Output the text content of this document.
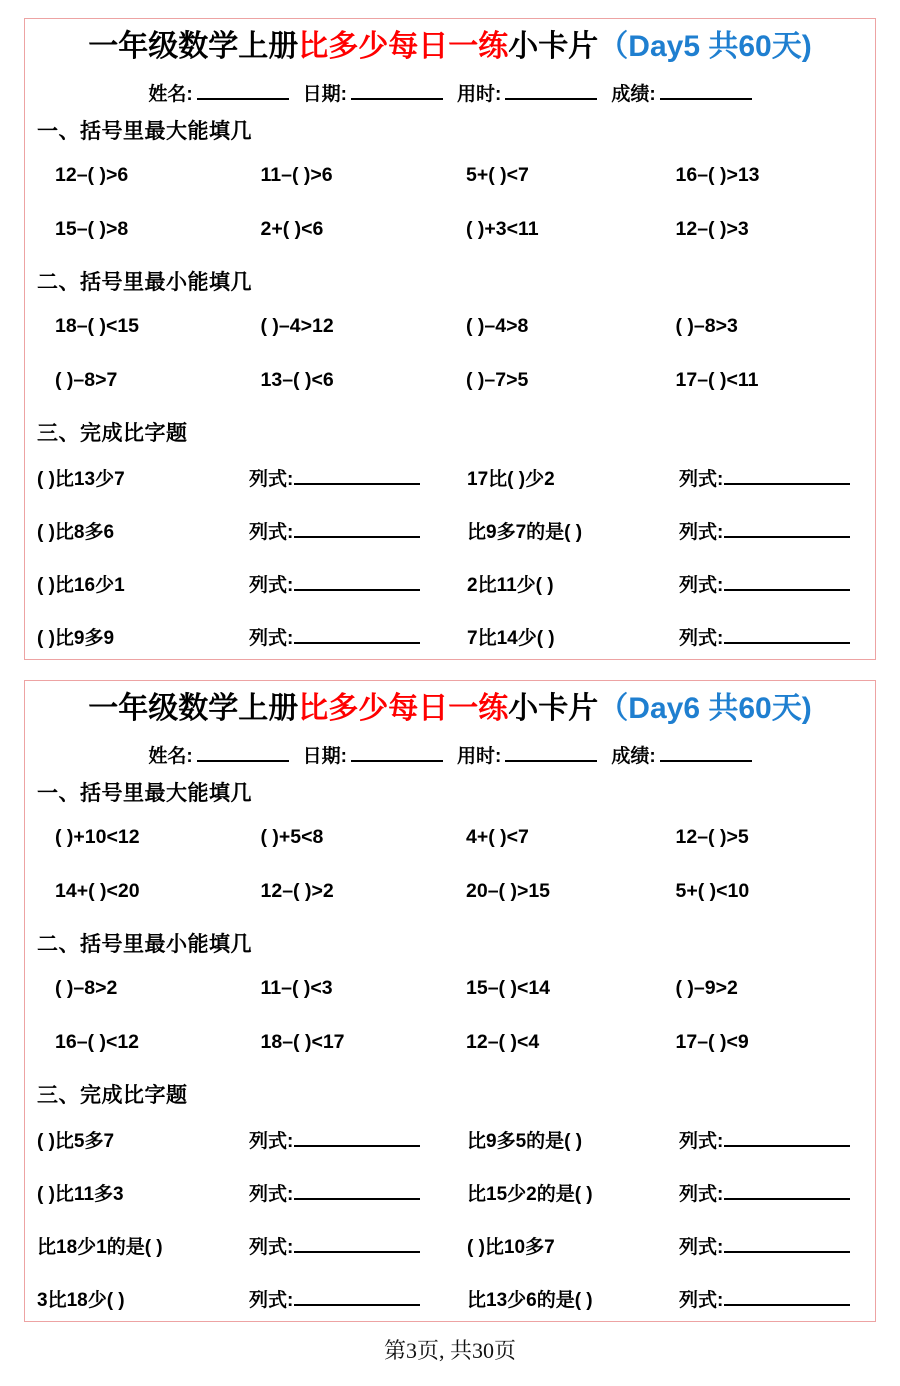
一年级数学上册比多少每日一练小卡片（Day5 共60天)
姓名:	日期:	用时:	成绩:
一、括号里最大能填几
12–( )>6	11–( )>6	5+( )<7	16–( )>13
15–( )>8	2+( )<6	( )+3<11	12–( )>3
二、括号里最小能填几
18–( )<15	( )–4>12	( )–4>8	( )–8>3
( )–8>7	13–( )<6	( )–7>5	17–( )<11
三、完成比字题
( )比13少7	列式:	17比( )少2	列式:
( )比8多6	列式:	比9多7的是( )	列式:
( )比16少1	列式:	2比11少( )	列式:
( )比9多9	列式:	7比14少( )	列式:
一年级数学上册比多少每日一练小卡片（Day6 共60天)
姓名:	日期:	用时:	成绩:
一、括号里最大能填几
( )+10<12	( )+5<8	4+( )<7	12–( )>5
14+( )<20	12–( )>2	20–( )>15	5+( )<10
二、括号里最小能填几
( )–8>2	11–( )<3	15–( )<14	( )–9>2
16–( )<12	18–( )<17	12–( )<4	17–( )<9
三、完成比字题
( )比5多7	列式:	比9多5的是( )	列式:
( )比11多3	列式:	比15少2的是( )	列式:
比18少1的是( )	列式:	( )比10多7	列式:
3比18少( )	列式:	比13少6的是( )	列式:
第3页, 共30页
